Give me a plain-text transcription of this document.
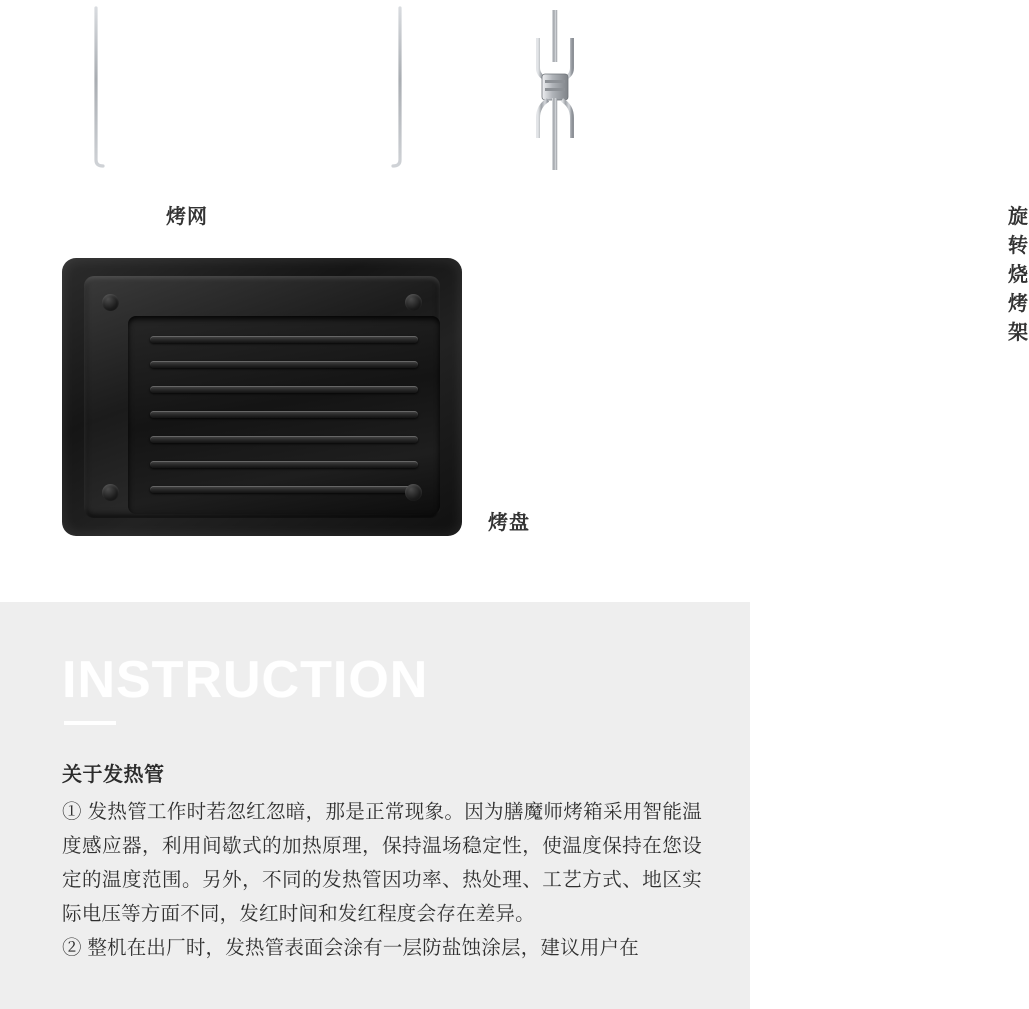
烤网	旋转烧烤架
烤盘
INSTRUCTION

关于发热管

① 发热管工作时若忽红忽暗，那是正常现象。因为膳魔师烤箱采用智能温度感应器，利用间歇式的加热原理，保持温场稳定性，使温度保持在您设定的温度范围。另外，不同的发热管因功率、热处理、工艺方式、地区实际电压等方面不同，发红时间和发红程度会存在差异。

② 整机在出厂时，发热管表面会涂有一层防盐蚀涂层，建议用户在
